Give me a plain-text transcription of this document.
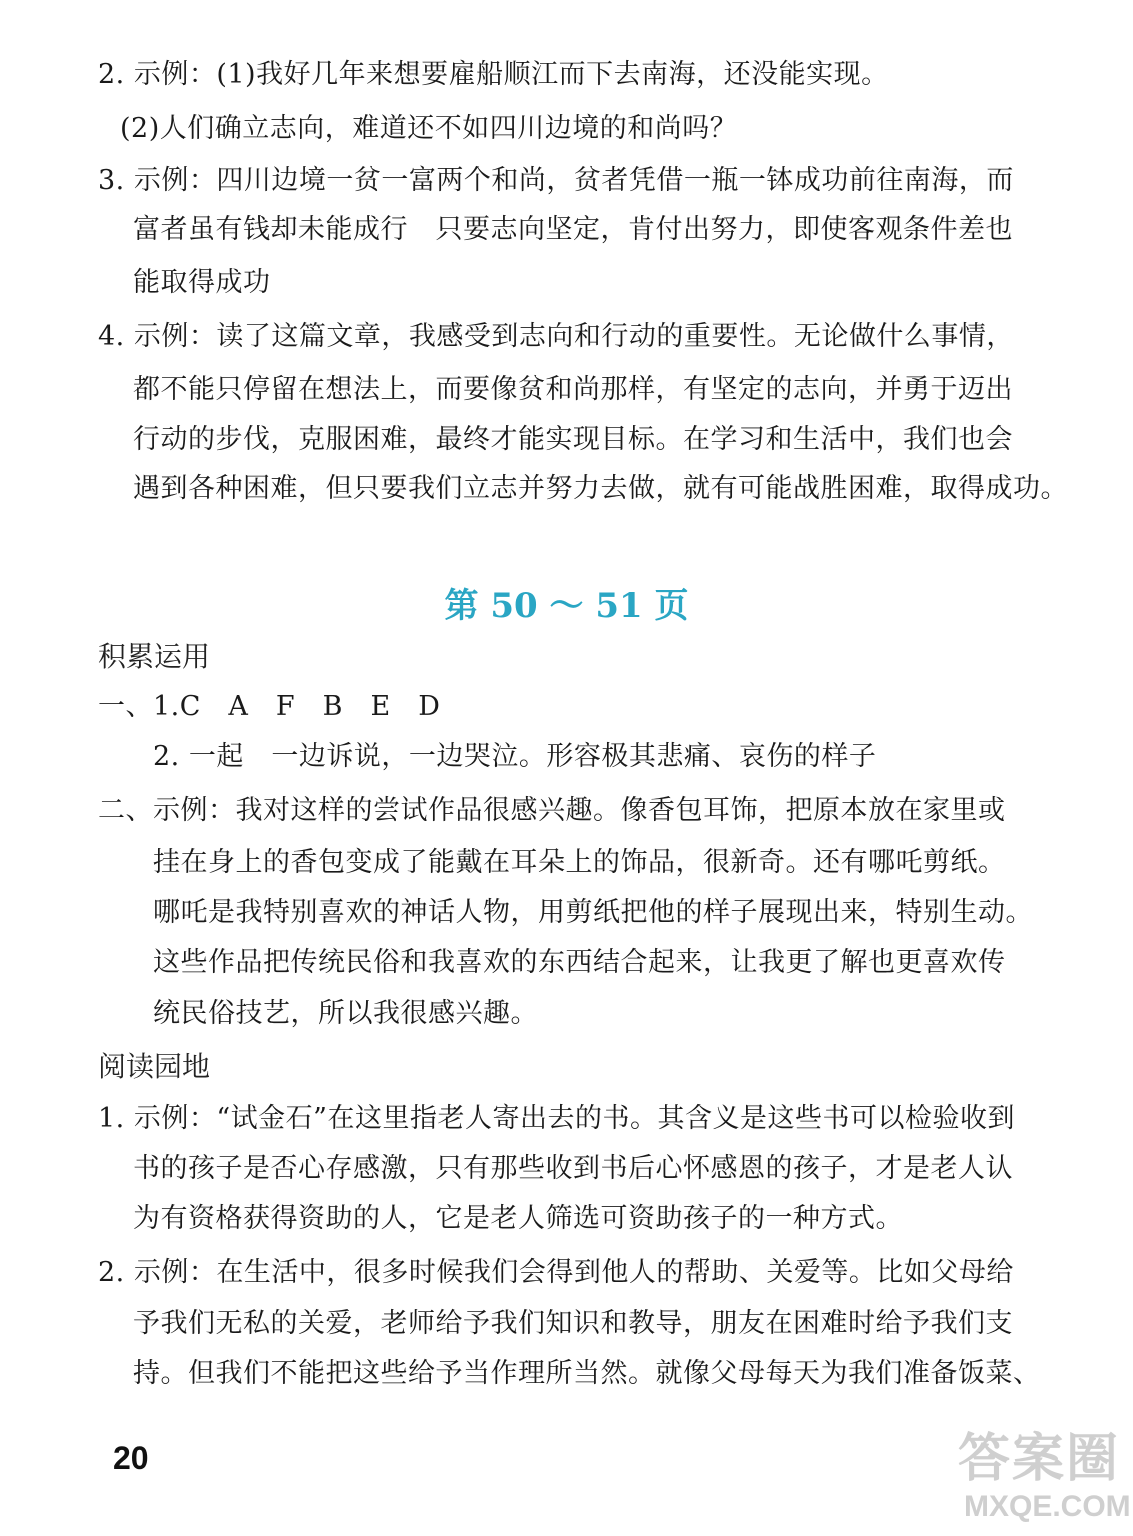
2. 示例：(1)我好几年来想要雇船顺江而下去南海，还没能实现。
(2)人们确立志向，难道还不如四川边境的和尚吗？
3. 示例：四川边境一贫一富两个和尚，贫者凭借一瓶一钵成功前往南海，而
富者虽有钱却未能成行　只要志向坚定，肯付出努力，即使客观条件差也
能取得成功
4. 示例：读了这篇文章，我感受到志向和行动的重要性。无论做什么事情，
都不能只停留在想法上，而要像贫和尚那样，有坚定的志向，并勇于迈出
行动的步伐，克服困难，最终才能实现目标。在学习和生活中，我们也会
遇到各种困难，但只要我们立志并努力去做，就有可能战胜困难，取得成功。
第 50 ～ 51 页
积累运用
一、1.C　A　F　B　E　D
2. 一起　一边诉说，一边哭泣。形容极其悲痛、哀伤的样子
二、示例：我对这样的尝试作品很感兴趣。像香包耳饰，把原本放在家里或
挂在身上的香包变成了能戴在耳朵上的饰品，很新奇。还有哪吒剪纸。
哪吒是我特别喜欢的神话人物，用剪纸把他的样子展现出来，特别生动。
这些作品把传统民俗和我喜欢的东西结合起来，让我更了解也更喜欢传
统民俗技艺，所以我很感兴趣。
阅读园地
1. 示例：“试金石”在这里指老人寄出去的书。其含义是这些书可以检验收到
书的孩子是否心存感激，只有那些收到书后心怀感恩的孩子，才是老人认
为有资格获得资助的人，它是老人筛选可资助孩子的一种方式。
2. 示例：在生活中，很多时候我们会得到他人的帮助、关爱等。比如父母给
予我们无私的关爱，老师给予我们知识和教导，朋友在困难时给予我们支
持。但我们不能把这些给予当作理所当然。就像父母每天为我们准备饭菜、
20	答案圈
MXQE.COM
